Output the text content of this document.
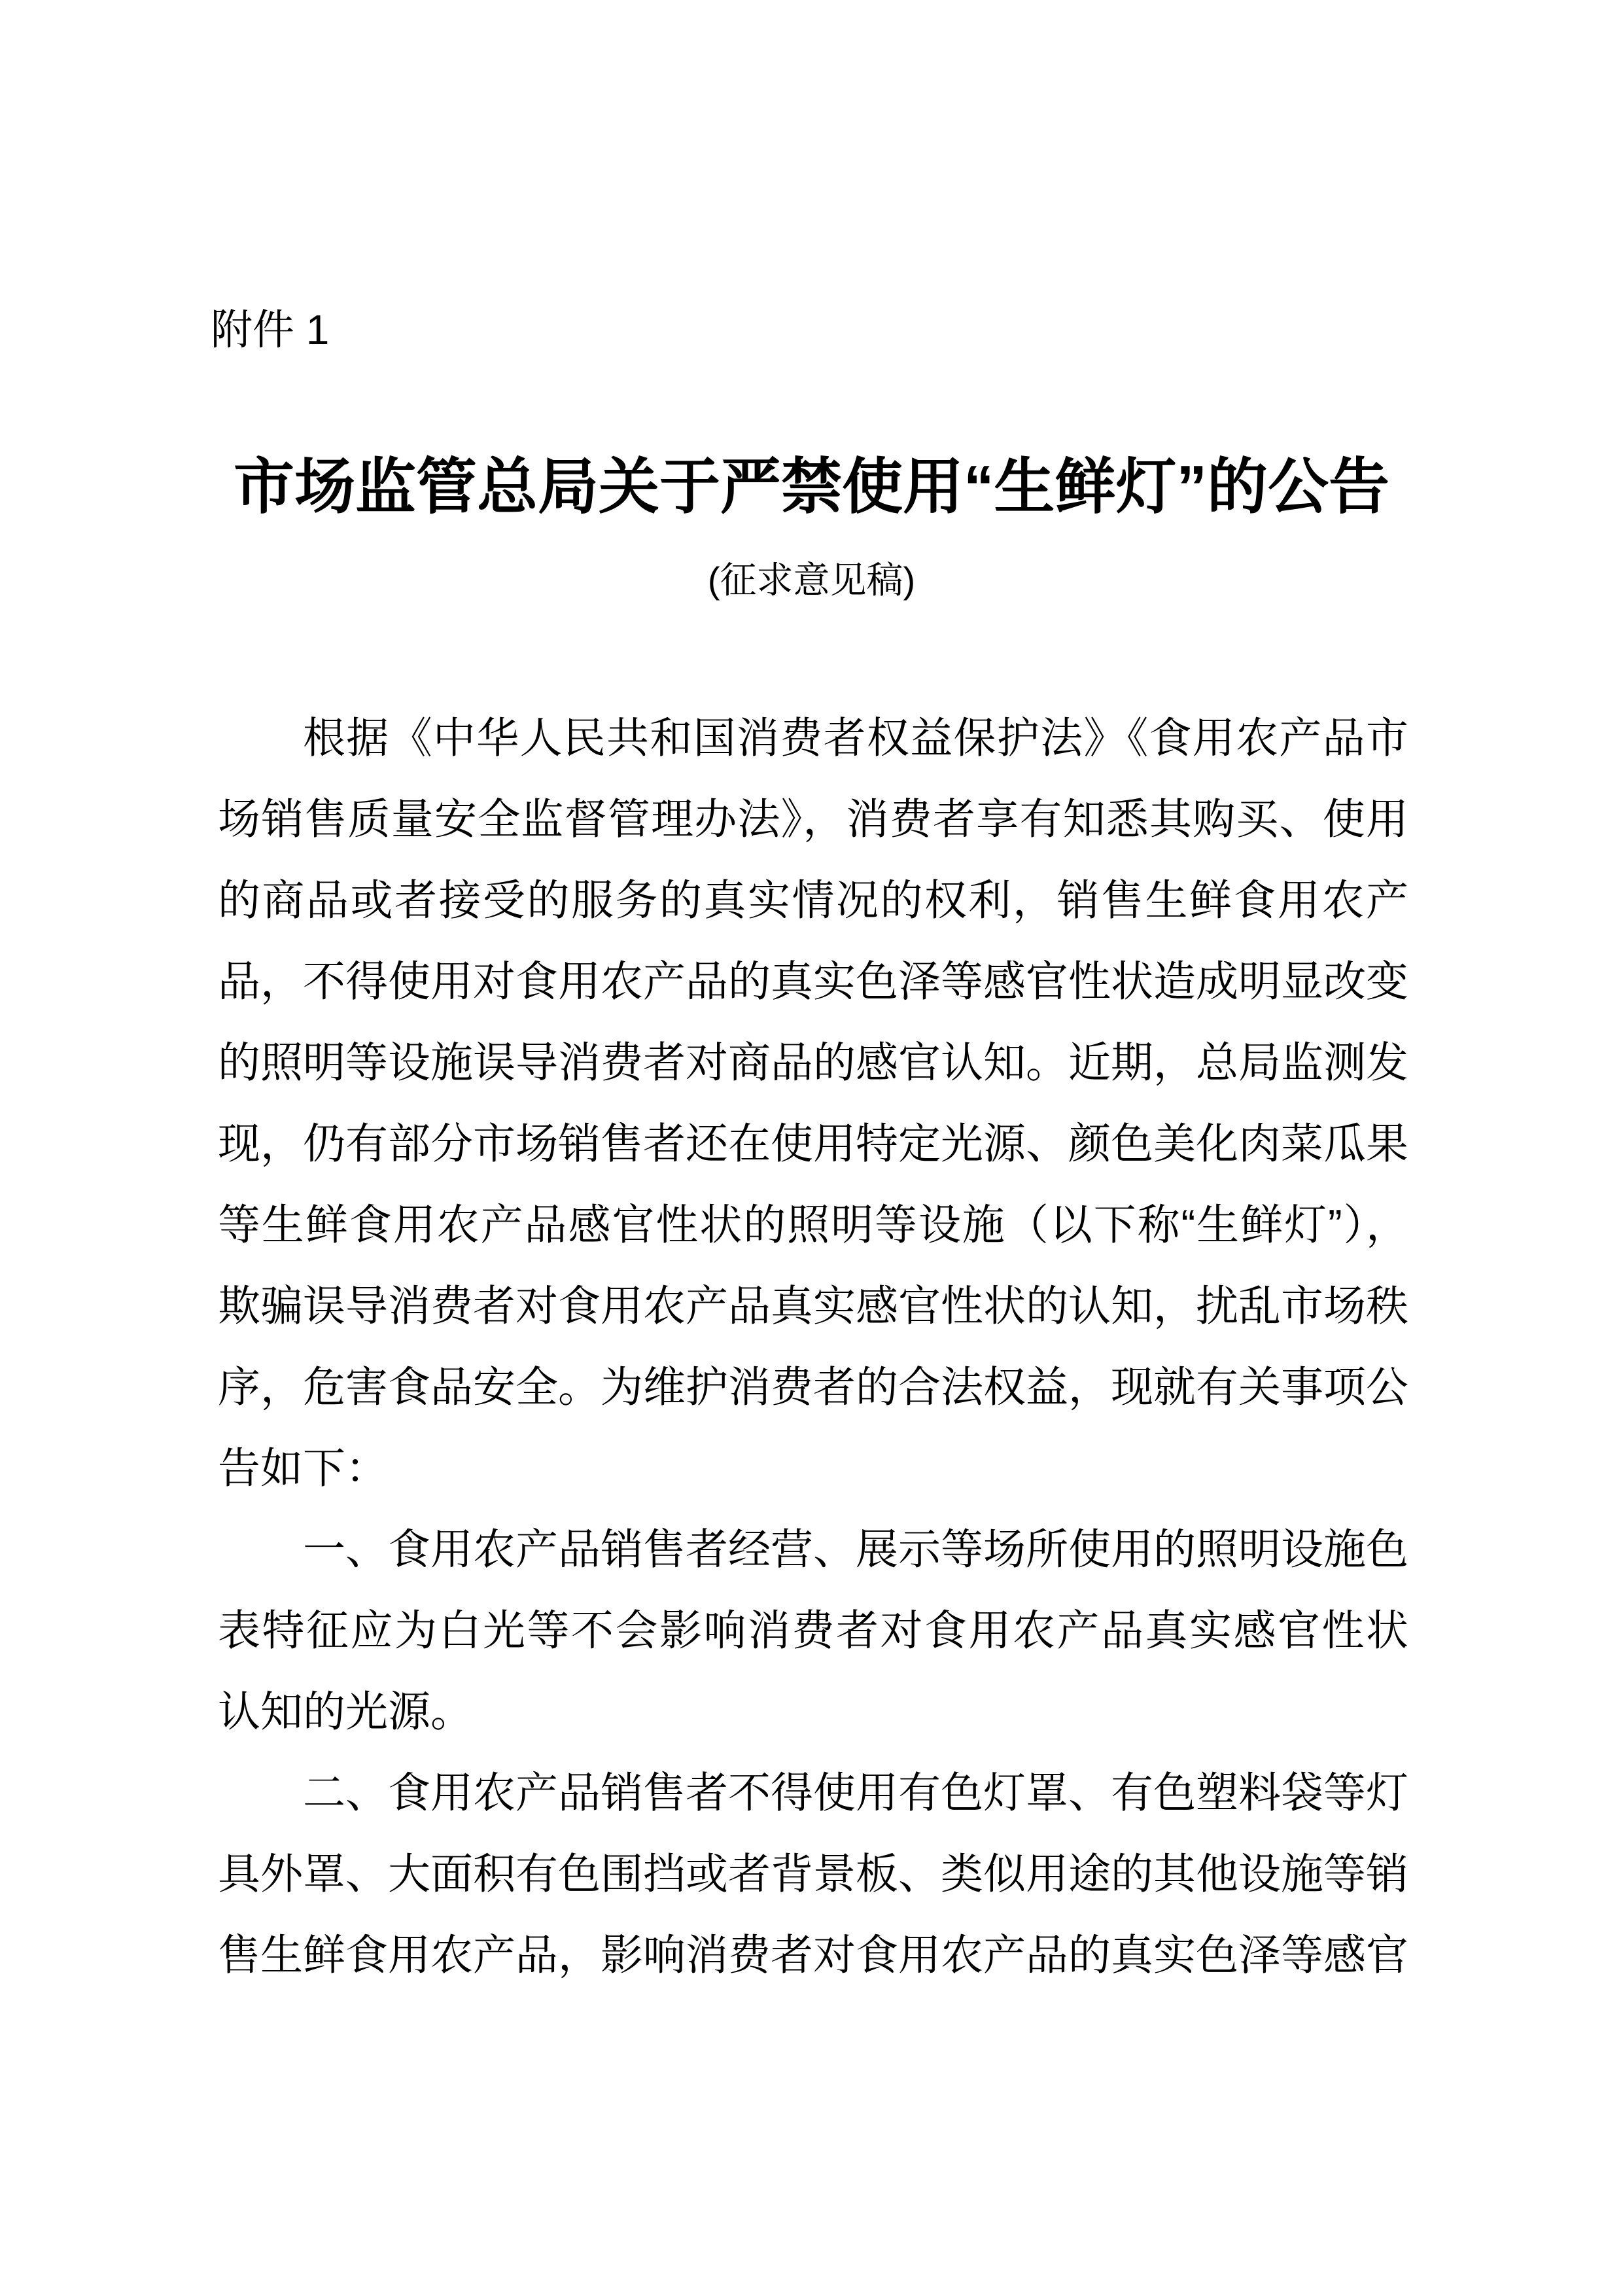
附件 1
市场监管总局关于严禁使用“生鲜灯”的公告
(征求意见稿)
根据《中华人民共和国消费者权益保护法》《食用农产品市
场销售质量安全监督管理办法》，消费者享有知悉其购买、使用
的商品或者接受的服务的真实情况的权利，销售生鲜食用农产
品，不得使用对食用农产品的真实色泽等感官性状造成明显改变
的照明等设施误导消费者对商品的感官认知。近期，总局监测发
现，仍有部分市场销售者还在使用特定光源、颜色美化肉菜瓜果
等生鲜食用农产品感官性状的照明等设施（以下称“生鲜灯”），
欺骗误导消费者对食用农产品真实感官性状的认知，扰乱市场秩
序，危害食品安全。为维护消费者的合法权益，现就有关事项公
告如下：
一、食用农产品销售者经营、展示等场所使用的照明设施色
表特征应为白光等不会影响消费者对食用农产品真实感官性状
认知的光源。
二、食用农产品销售者不得使用有色灯罩、有色塑料袋等灯
具外罩、大面积有色围挡或者背景板、类似用途的其他设施等销
售生鲜食用农产品，影响消费者对食用农产品的真实色泽等感官
